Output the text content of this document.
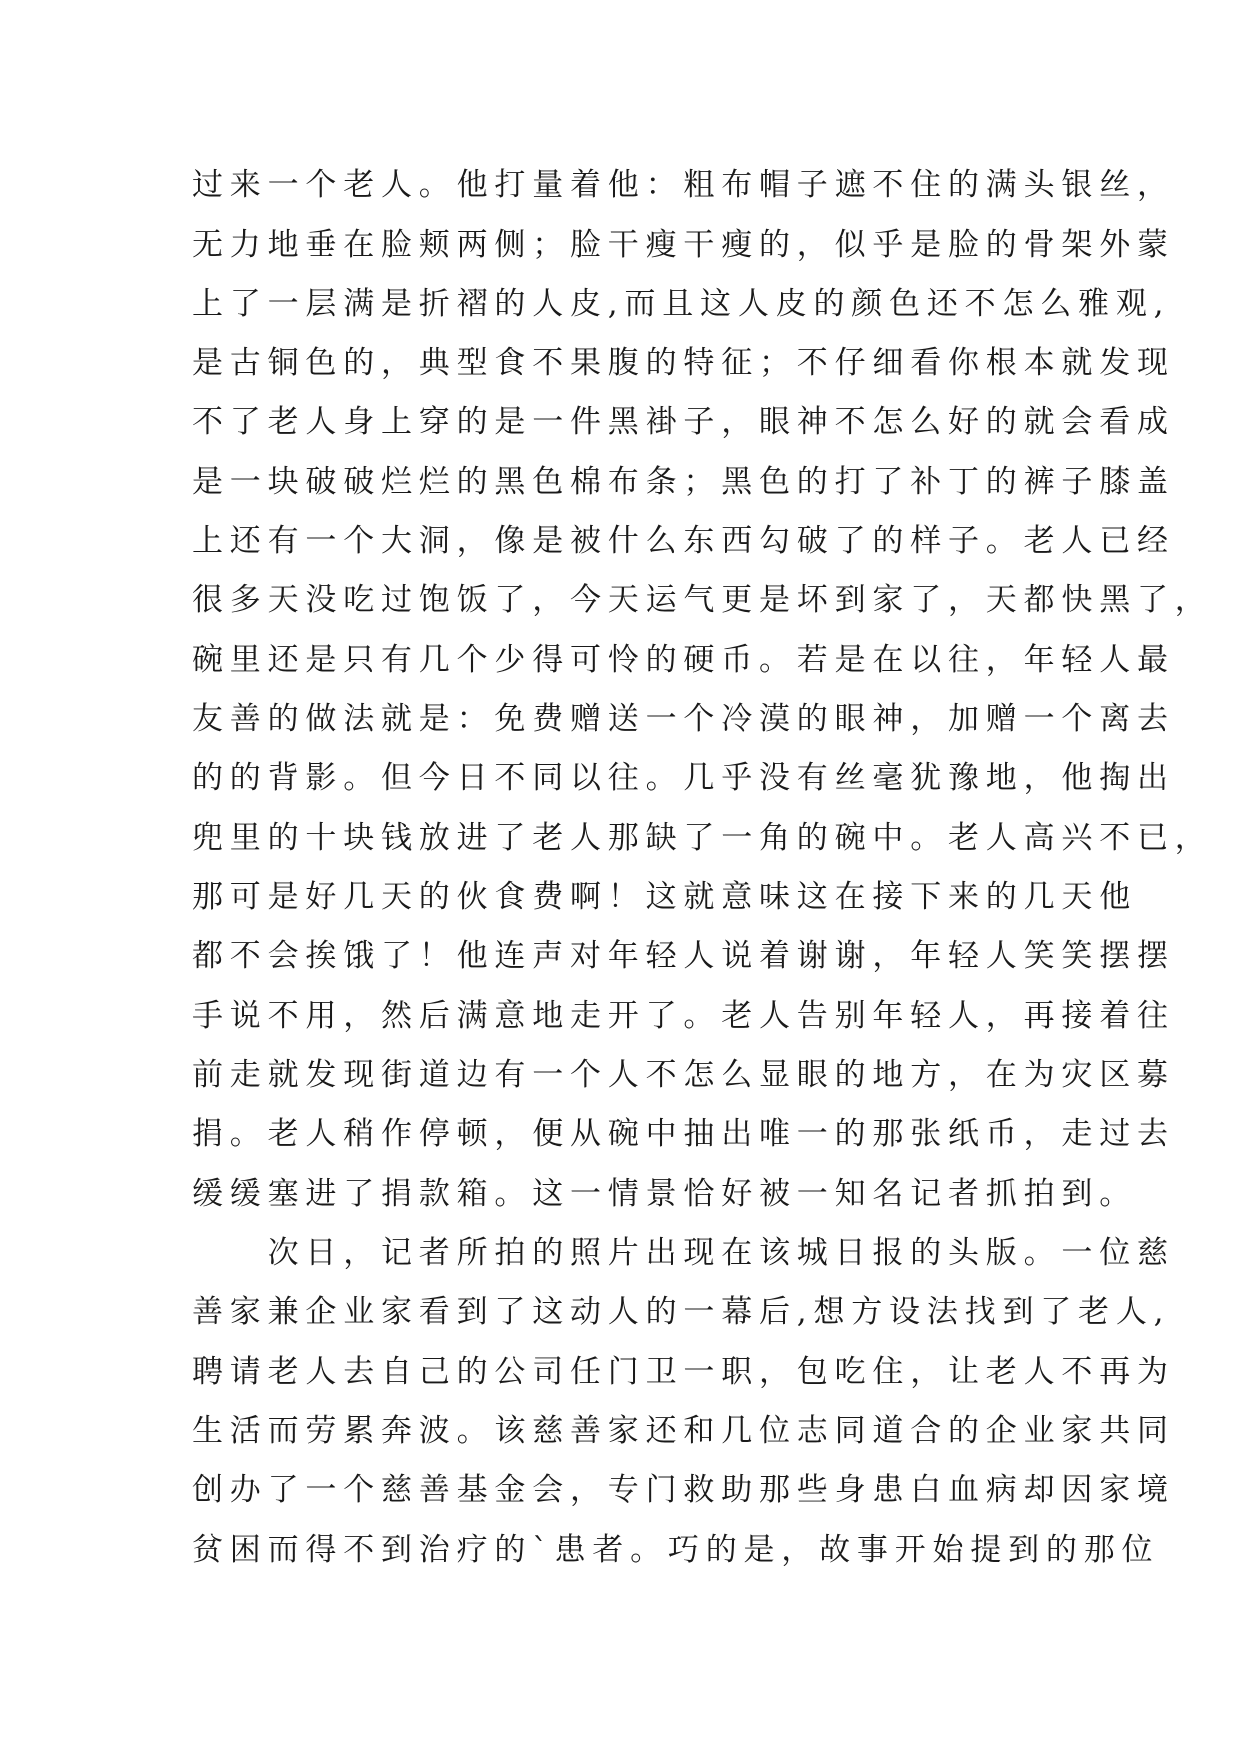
过来一个老人。他打量着他：粗布帽子遮不住的满头银丝，
无力地垂在脸颊两侧；脸干瘦干瘦的，似乎是脸的骨架外蒙
上了一层满是折褶的人皮,而且这人皮的颜色还不怎么雅观,
是古铜色的，典型食不果腹的特征；不仔细看你根本就发现
不了老人身上穿的是一件黑褂子，眼神不怎么好的就会看成
是一块破破烂烂的黑色棉布条；黑色的打了补丁的裤子膝盖
上还有一个大洞，像是被什么东西勾破了的样子。老人已经
很多天没吃过饱饭了，今天运气更是坏到家了，天都快黑了，
碗里还是只有几个少得可怜的硬币。若是在以往，年轻人最
友善的做法就是：免费赠送一个冷漠的眼神，加赠一个离去
的的背影。但今日不同以往。几乎没有丝毫犹豫地，他掏出
兜里的十块钱放进了老人那缺了一角的碗中。老人高兴不已，
那可是好几天的伙食费啊！这就意味这在接下来的几天他
都不会挨饿了！他连声对年轻人说着谢谢，年轻人笑笑摆摆
手说不用，然后满意地走开了。老人告别年轻人，再接着往
前走就发现街道边有一个人不怎么显眼的地方，在为灾区募
捐。老人稍作停顿，便从碗中抽出唯一的那张纸币，走过去
缓缓塞进了捐款箱。这一情景恰好被一知名记者抓拍到。
　　次日，记者所拍的照片出现在该城日报的头版。一位慈
善家兼企业家看到了这动人的一幕后,想方设法找到了老人,
聘请老人去自己的公司任门卫一职，包吃住，让老人不再为
生活而劳累奔波。该慈善家还和几位志同道合的企业家共同
创办了一个慈善基金会，专门救助那些身患白血病却因家境
贫困而得不到治疗的`患者。巧的是，故事开始提到的那位
